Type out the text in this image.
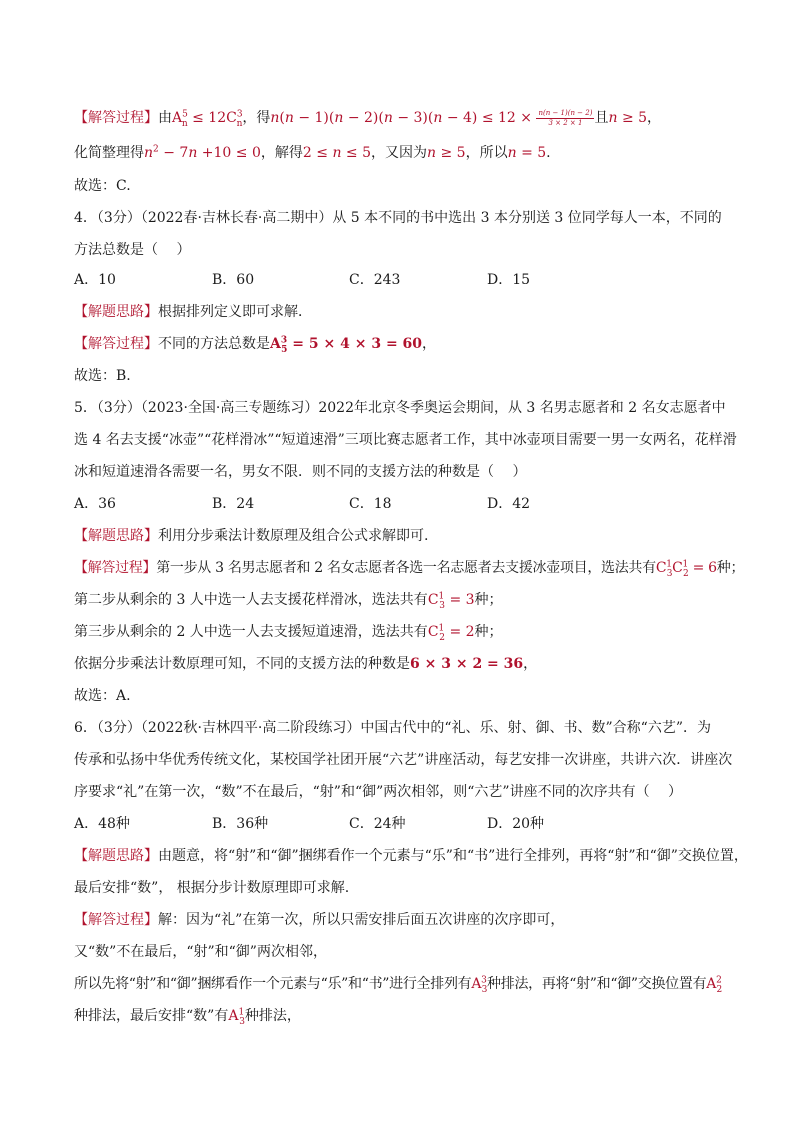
【解答过程】由$A^5_n \le 12C^3_n$，得$n(n - 1)(n - 2)(n - 3)(n - 4) \le 12 \times \frac{n(n - 1)(n - 2)}{3 \times 2 \times 1}$ 且n ≥ 5，
化简整理得$n^2 - 7n +10 \le 0$，解得2 ≤ n ≤ 5，又因为n ≥ 5，所以n = 5.
故选：C.
4．（3分）（2022春·吉林长春·高二期中）从 5 本不同的书中选出 3 本分别送 3 位同学每人一本，不同的
方法总数是（　 ）
A．10	B．60	C．243	D．15
【解题思路】根据排列定义即可求解．
【解答过程】不同的方法总数是$A^3_5 = 5 \times 4 \times 3 = 60$，
故选：B.
5．（3分）（2023·全国·高三专题练习）2022年北京冬季奥运会期间，从 3 名男志愿者和 2 名女志愿者中
选 4 名去支援“冰壶”“花样滑冰”“短道速滑”三项比赛志愿者工作，其中冰壶项目需要一男一女两名，花样滑
冰和短道速滑各需要一名，男女不限．则不同的支援方法的种数是（　 ）
A．36	B．24	C．18	D．42
【解题思路】利用分步乘法计数原理及组合公式求解即可.
【解答过程】第一步从 3 名男志愿者和 2 名女志愿者各选一名志愿者去支援冰壶项目，选法共有$C^1_3C^1_2 = 6$种；
第二步从剩余的 3 人中选一人去支援花样滑冰，选法共有$C^1_3 = 3$种；
第三步从剩余的 2 人中选一人去支援短道速滑，选法共有$C^1_2 = 2$种；
依据分步乘法计数原理可知，不同的支援方法的种数是6 × 3 × 2 = 36，
故选：A.
6．（3分）（2022秋·吉林四平·高二阶段练习）中国古代中的“礼、乐、射、御、书、数”合称“六艺”．为
传承和弘扬中华优秀传统文化，某校国学社团开展“六艺”讲座活动，每艺安排一次讲座，共讲六次．讲座次
序要求“礼”在第一次，“数”不在最后，“射”和“御”两次相邻，则“六艺”讲座不同的次序共有（　 ）
A．48种	B．36种	C．24种	D．20种
【解题思路】由题意，将“射”和“御”捆绑看作一个元素与“乐”和“书”进行全排列，再将“射”和“御”交换位置，
最后安排“数”， 根据分步计数原理即可求解.
【解答过程】解：因为“礼”在第一次，所以只需安排后面五次讲座的次序即可，
又“数”不在最后，“射”和“御”两次相邻，
所以先将“射”和“御”捆绑看作一个元素与“乐”和“书”进行全排列有$A^3_3$种排法，再将“射”和“御”交换位置有$A^2_2$
种排法，最后安排“数”有$A^1_3$种排法，
